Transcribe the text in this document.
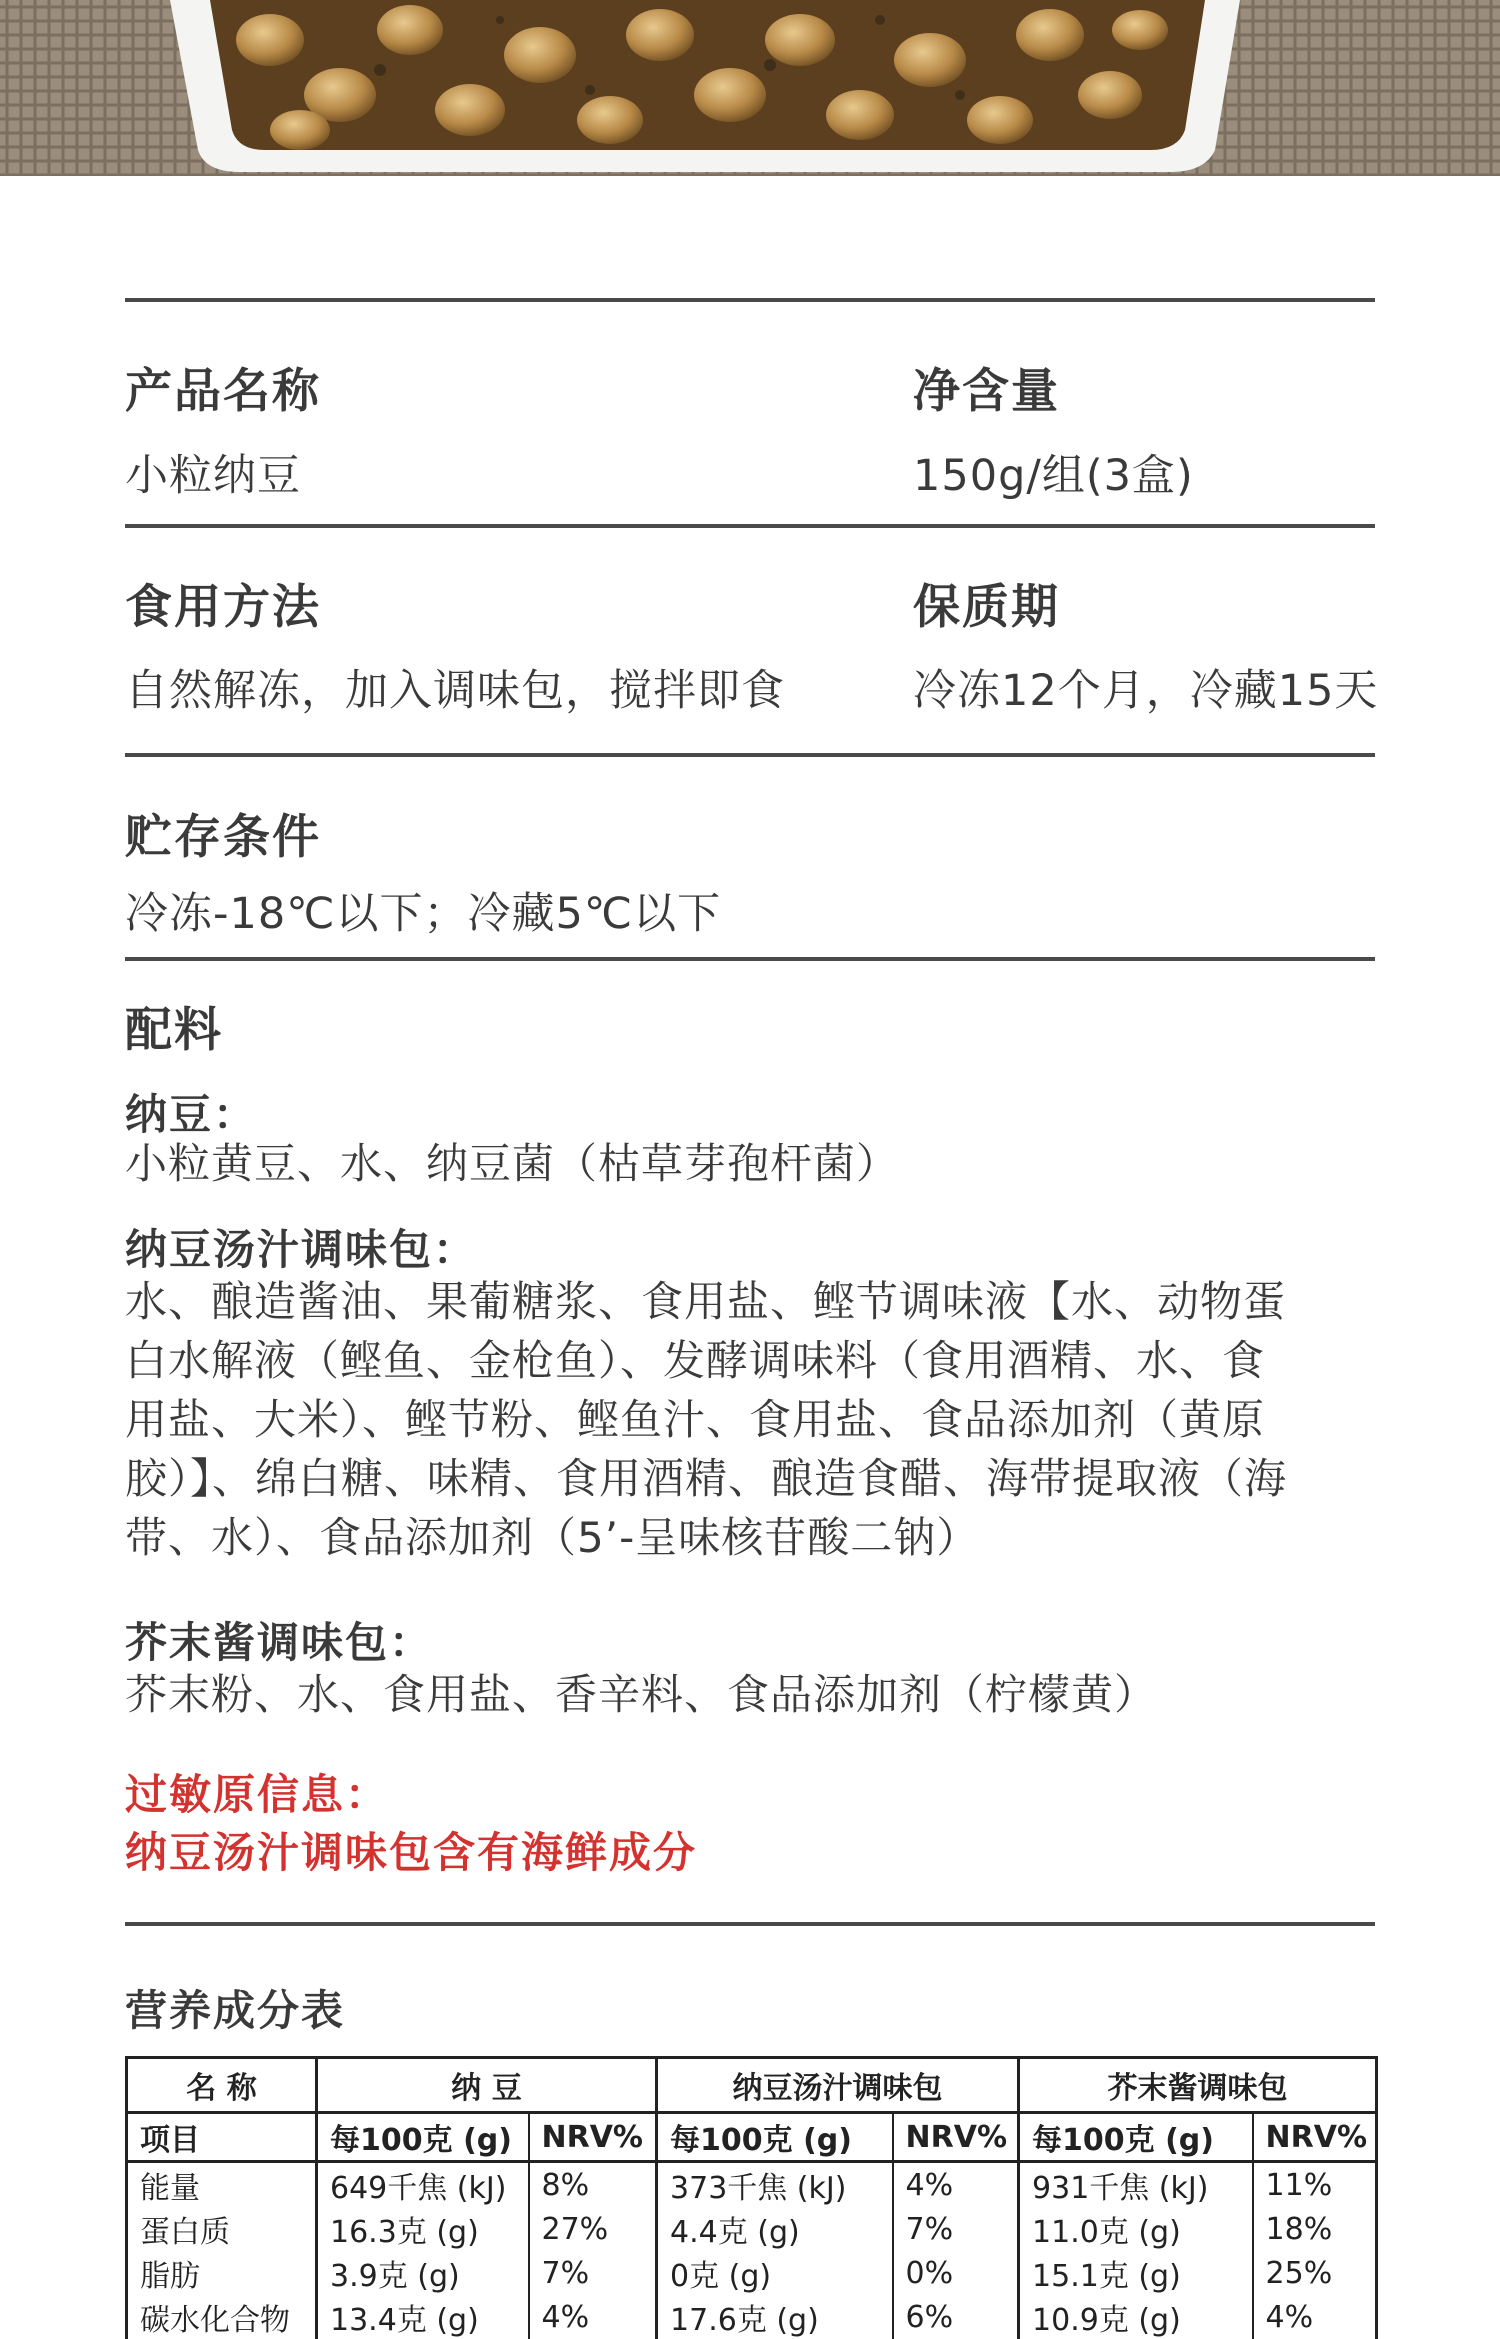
产品名称	净含量
小粒纳豆	150g/组(3盒)
食用方法	保质期
自然解冻，加入调味包，搅拌即食	冷冻12个月，冷藏15天
贮存条件
冷冻-18℃以下；冷藏5℃以下
配料
纳豆：
小粒黄豆、水、纳豆菌（枯草芽孢杆菌）
纳豆汤汁调味包：
水、酿造酱油、果葡糖浆、食用盐、鲣节调味液【水、动物蛋
白水解液（鲣鱼、金枪鱼）、发酵调味料（食用酒精、水、食
用盐、大米）、鲣节粉、鲣鱼汁、食用盐、食品添加剂（黄原
胶）】、绵白糖、味精、食用酒精、酿造食醋、海带提取液（海
带、水）、食品添加剂（5’-呈味核苷酸二钠）
芥末酱调味包：
芥末粉、水、食用盐、香辛料、食品添加剂（柠檬黄）
过敏原信息：
纳豆汤汁调味包含有海鲜成分
营养成分表
名 称	纳 豆		纳豆汤汁调味包		芥末酱调味包	
项目	每100克 (g)	NRV%	每100克 (g)	NRV%	每100克 (g)	NRV%
能量	649千焦 (kJ)	8%	373千焦 (kJ)	4%	931千焦 (kJ)	11%
蛋白质	16.3克 (g)	27%	4.4克 (g)	7%	11.0克 (g)	18%
脂肪	3.9克 (g)	7%	0克 (g)	0%	15.1克 (g)	25%
碳水化合物	13.4克 (g)	4%	17.6克 (g)	6%	10.9克 (g)	4%
